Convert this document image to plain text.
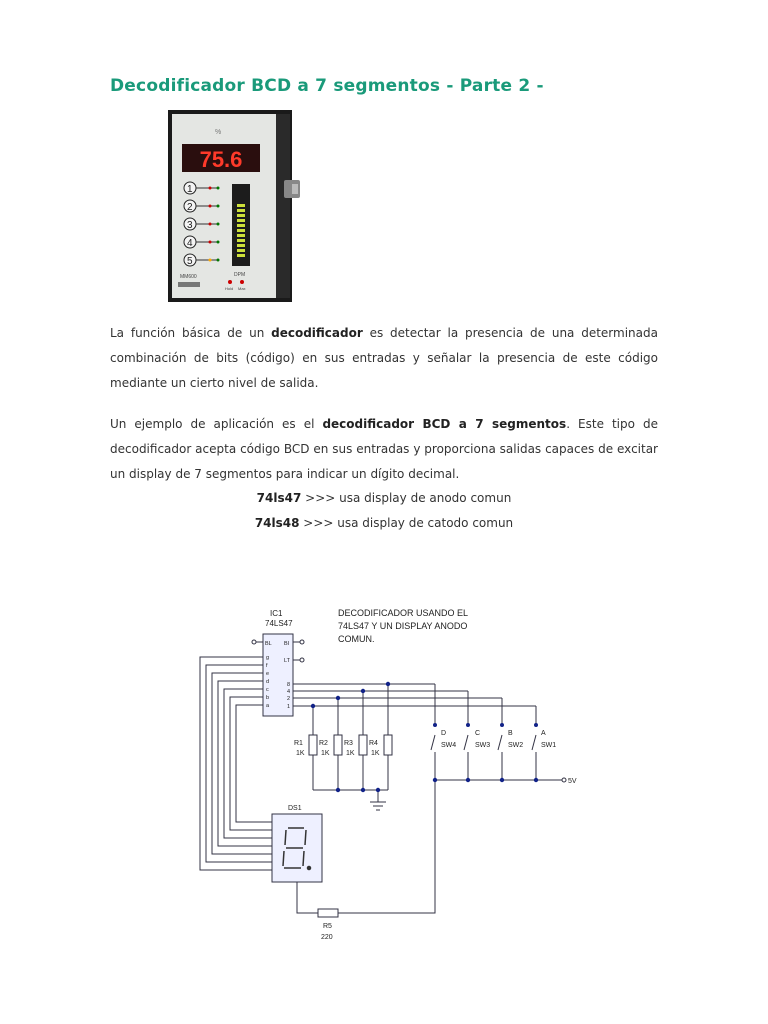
Decodificador BCD a 7 segmentos - Parte 2 -
%
75.6
1
2
3
4
5
MM600	DPM
Hold Max
La función básica de un decodificador es detectar la presencia de una determinada combinación de bits (código) en sus entradas y señalar la presencia de este código mediante un cierto nivel de salida.
Un ejemplo de aplicación es el decodificador BCD a 7 segmentos. Este tipo de decodificador acepta código BCD en sus entradas y proporciona salidas capaces de excitar un display de 7 segmentos para indicar un dígito decimal.
74ls47 >>> usa display de anodo comun
74ls48 >>> usa display de catodo comun
DECODIFICADOR USANDO EL
74LS47 Y UN DISPLAY ANODO
COMUN.
IC1
74LS47
BL
g
f
e
d
c
b
a
BI
LT
8
4
2
1
R1
1K
R2
1K
R3
1K
R4
1K
D
SW4
C
SW3
B
SW2
A
SW1
5V
DS1
R5
220
